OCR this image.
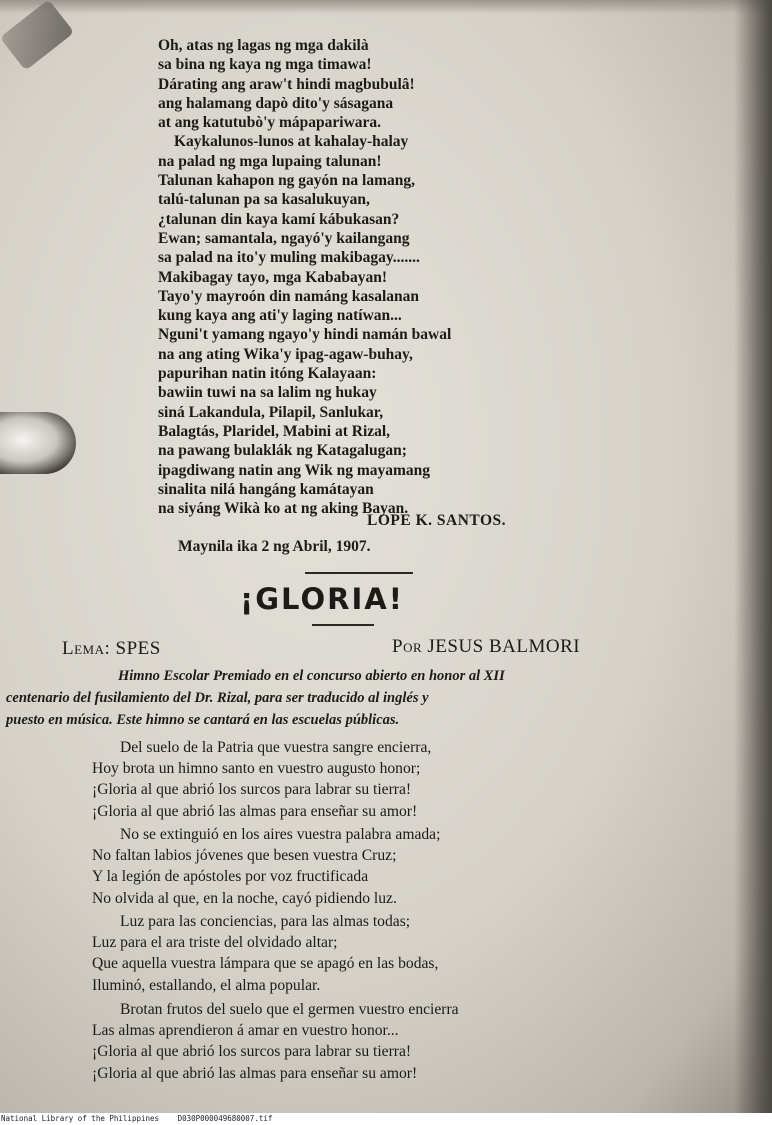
Oh, atas ng lagas ng mga dakilà
sa bina ng kaya ng mga timawa!
Dárating ang araw't hindi magbubulâ!
ang halamang dapò dito'y sásagana
at ang katutubò'y mápapariwara.
Kaykalunos-lunos at kahalay-halay
na palad ng mga lupaing talunan!
Talunan kahapon ng gayón na lamang,
talú-talunan pa sa kasalukuyan,
¿talunan din kaya kamí kábukasan?
Ewan; samantala, ngayó'y kailangang
sa palad na ito'y muling makibagay.......
Makibagay tayo, mga Kababayan!
Tayo'y mayroón din namáng kasalanan
kung kaya ang ati'y laging natíwan...
Nguni't yamang ngayo'y hindi namán bawal
na ang ating Wika'y ipag-agaw-buhay,
papurihan natin itóng Kalayaan:
bawiin tuwi na sa lalim ng hukay
siná Lakandula, Pilapil, Sanlukar,
Balagtás, Plaridel, Mabini at Rizal,
na pawang bulaklák ng Katagalugan;
ipagdiwang natin ang Wik ng mayamang
sinalita nilá hangáng kamátayan
na siyáng Wikà ko at ng aking Bayan.
LOPE K. SANTOS.
Maynila ika 2 ng Abril, 1907.
¡GLORIA!
Lema: SPES	Por JESUS BALMORI
Himno Escolar Premiado en el concurso abierto en honor al XII
centenario del fusilamiento del Dr. Rizal, para ser traducido al inglés y
puesto en música. Este himno se cantará en las escuelas públicas.
Del suelo de la Patria que vuestra sangre encierra,
Hoy brota un himno santo en vuestro augusto honor;
¡Gloria al que abrió los surcos para labrar su tierra!
¡Gloria al que abrió las almas para enseñar su amor!
No se extinguió en los aires vuestra palabra amada;
No faltan labios jóvenes que besen vuestra Cruz;
Y la legión de apóstoles por voz fructificada
No olvida al que, en la noche, cayó pidiendo luz.
Luz para las conciencias, para las almas todas;
Luz para el ara triste del olvidado altar;
Que aquella vuestra lámpara que se apagó en las bodas,
Iluminó, estallando, el alma popular.
Brotan frutos del suelo que el germen vuestro encierra
Las almas aprendieron á amar en vuestro honor...
¡Gloria al que abrió los surcos para labrar su tierra!
¡Gloria al que abrió las almas para enseñar su amor!
National Library of the Philippines D030P000049680007.tif
